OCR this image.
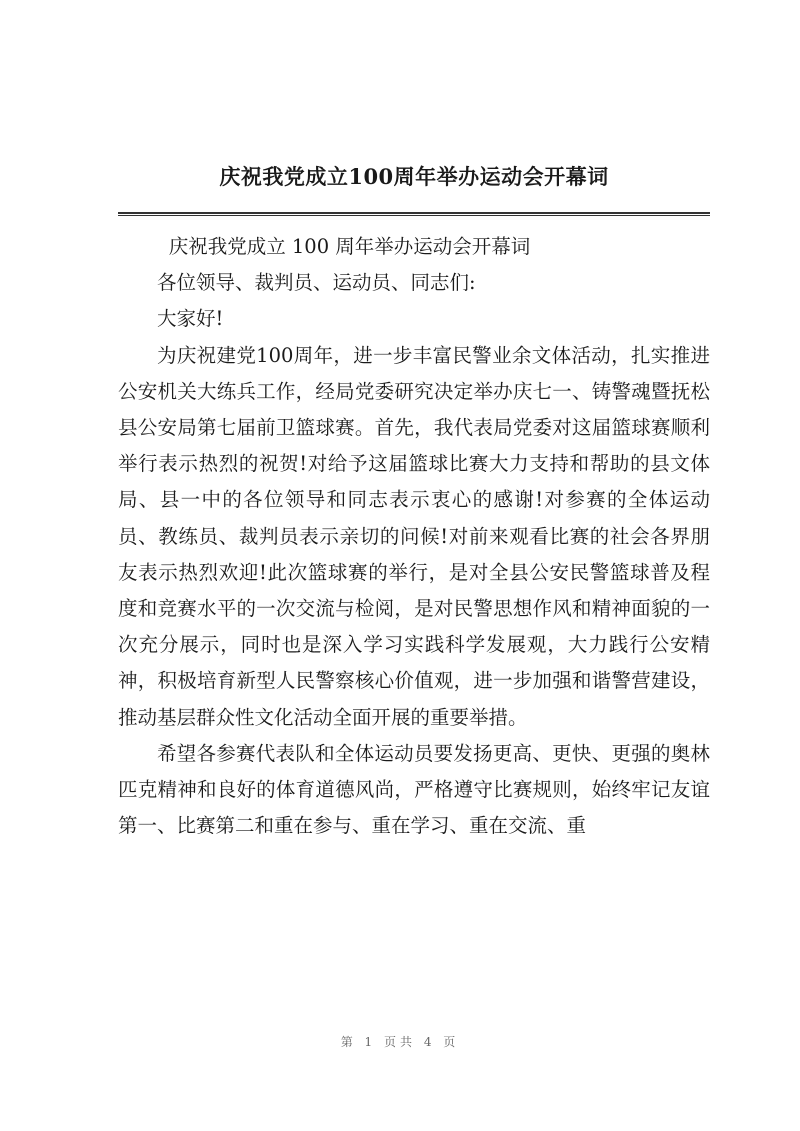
庆祝我党成立100周年举办运动会开幕词

庆祝我党成立 100 周年举办运动会开幕词

各位领导、裁判员、运动员、同志们:

大家好!

为庆祝建党100周年，进一步丰富民警业余文体活动，扎实推进公安机关大练兵工作，经局党委研究决定举办庆七一、铸警魂暨抚松县公安局第七届前卫篮球赛。首先，我代表局党委对这届篮球赛顺利举行表示热烈的祝贺!对给予这届篮球比赛大力支持和帮助的县文体局、县一中的各位领导和同志表示衷心的感谢!对参赛的全体运动员、教练员、裁判员表示亲切的问候!对前来观看比赛的社会各界朋友表示热烈欢迎!此次篮球赛的举行，是对全县公安民警篮球普及程度和竞赛水平的一次交流与检阅，是对民警思想作风和精神面貌的一次充分展示，同时也是深入学习实践科学发展观，大力践行公安精神，积极培育新型人民警察核心价值观，进一步加强和谐警营建设，推动基层群众性文化活动全面开展的重要举措。

希望各参赛代表队和全体运动员要发扬更高、更快、更强的奥林匹克精神和良好的体育道德风尚，严格遵守比赛规则，始终牢记友谊第一、比赛第二和重在参与、重在学习、重在交流、重

第 1 页共 4 页
